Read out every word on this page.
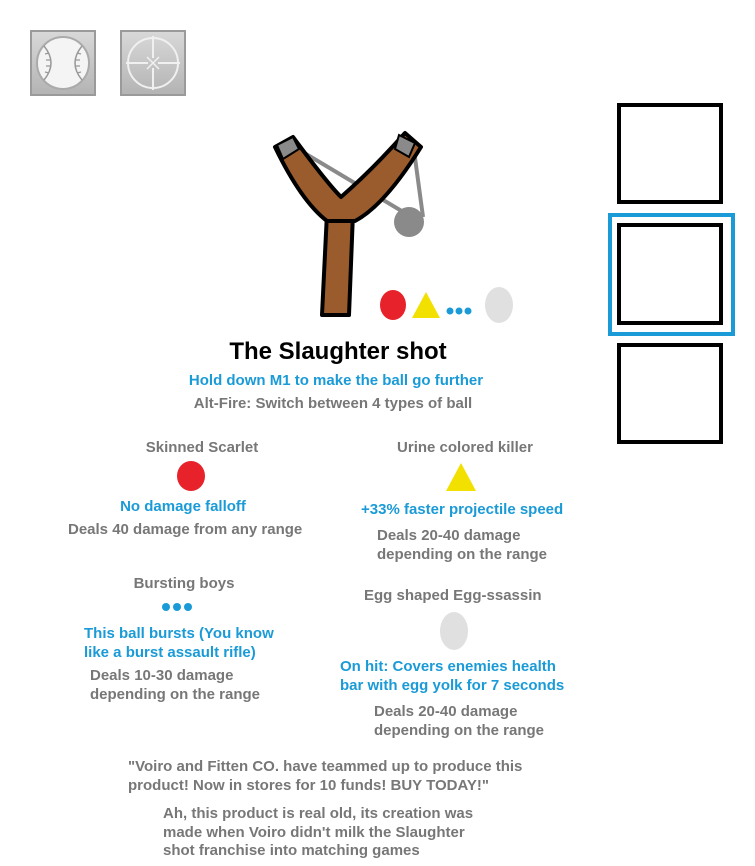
The Slaughter shot
Hold down M1 to make the ball go further
Alt-Fire: Switch between 4 types of ball
Skinned Scarlet
No damage falloff
Deals 40 damage from any range
Urine colored killer
+33% faster projectile speed
Deals 20-40 damage
depending on the range
Bursting boys
This ball bursts (You know
like a burst assault rifle)
Deals 10-30 damage
depending on the range
Egg shaped Egg-ssassin
On hit: Covers enemies health
bar with egg yolk for 7 seconds
Deals 20-40 damage
depending on the range
"Voiro and Fitten CO. have teammed up to produce this
product! Now in stores for 10 funds! BUY TODAY!"
Ah, this product is real old, its creation was
made when Voiro didn't milk the Slaughter
shot franchise into matching games
